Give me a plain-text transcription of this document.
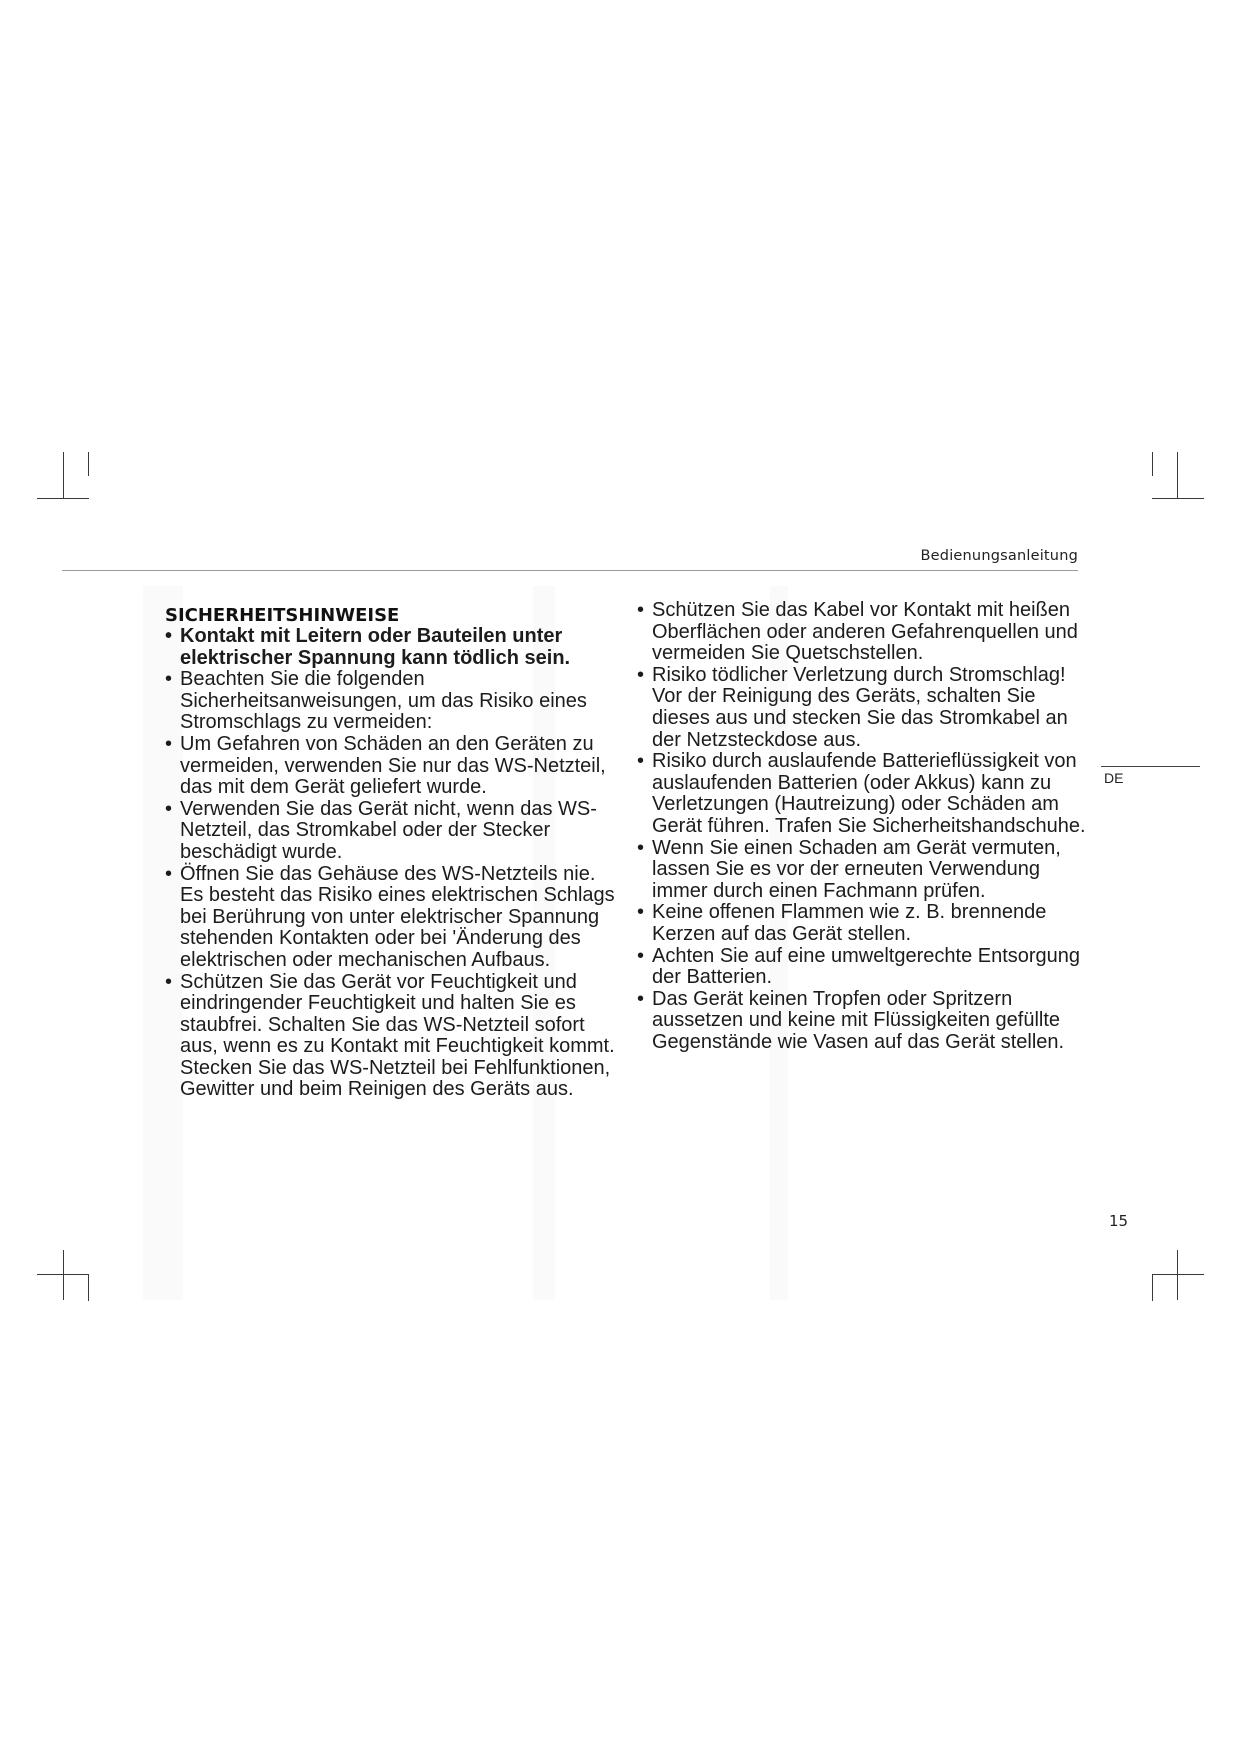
Bedienungsanleitung
DE
SICHERHEITSHINWEISE
• Kontakt mit Leitern oder Bauteilen unter elektrischer Spannung kann tödlich sein.
• Beachten Sie die folgenden Sicherheitsanweisungen, um das Risiko eines Stromschlags zu vermeiden:
• Um Gefahren von Schäden an den Geräten zu vermeiden, verwenden Sie nur das WS-Netzteil, das mit dem Gerät geliefert wurde.
• Verwenden Sie das Gerät nicht, wenn das WS-Netzteil, das Stromkabel oder der Stecker beschädigt wurde.
• Öffnen Sie das Gehäuse des WS-Netzteils nie. Es besteht das Risiko eines elektrischen Schlags bei Berührung von unter elektrischer Spannung stehenden Kontakten oder bei 'Änderung des elektrischen oder mechanischen Aufbaus.
• Schützen Sie das Gerät vor Feuchtigkeit und eindringender Feuchtigkeit und halten Sie es staubfrei. Schalten Sie das WS-Netzteil sofort aus, wenn es zu Kontakt mit Feuchtigkeit kommt. Stecken Sie das WS-Netzteil bei Fehlfunktionen, Gewitter und beim Reinigen des Geräts aus.
• Schützen Sie das Kabel vor Kontakt mit heißen Oberflächen oder anderen Gefahrenquellen und vermeiden Sie Quetschstellen.
• Risiko tödlicher Verletzung durch Stromschlag! Vor der Reinigung des Geräts, schalten Sie dieses aus und stecken Sie das Stromkabel an der Netzsteckdose aus.
• Risiko durch auslaufende Batterieflüssigkeit von auslaufenden Batterien (oder Akkus) kann zu Verletzungen (Hautreizung) oder Schäden am Gerät führen. Trafen Sie Sicherheitshandschuhe.
• Wenn Sie einen Schaden am Gerät vermuten, lassen Sie es vor der erneuten Verwendung immer durch einen Fachmann prüfen.
• Keine offenen Flammen wie z. B. brennende Kerzen auf das Gerät stellen.
• Achten Sie auf eine umweltgerechte Entsorgung der Batterien.
• Das Gerät keinen Tropfen oder Spritzern aussetzen und keine mit Flüssigkeiten gefüllte Gegenstände wie Vasen auf das Gerät stellen.
15
